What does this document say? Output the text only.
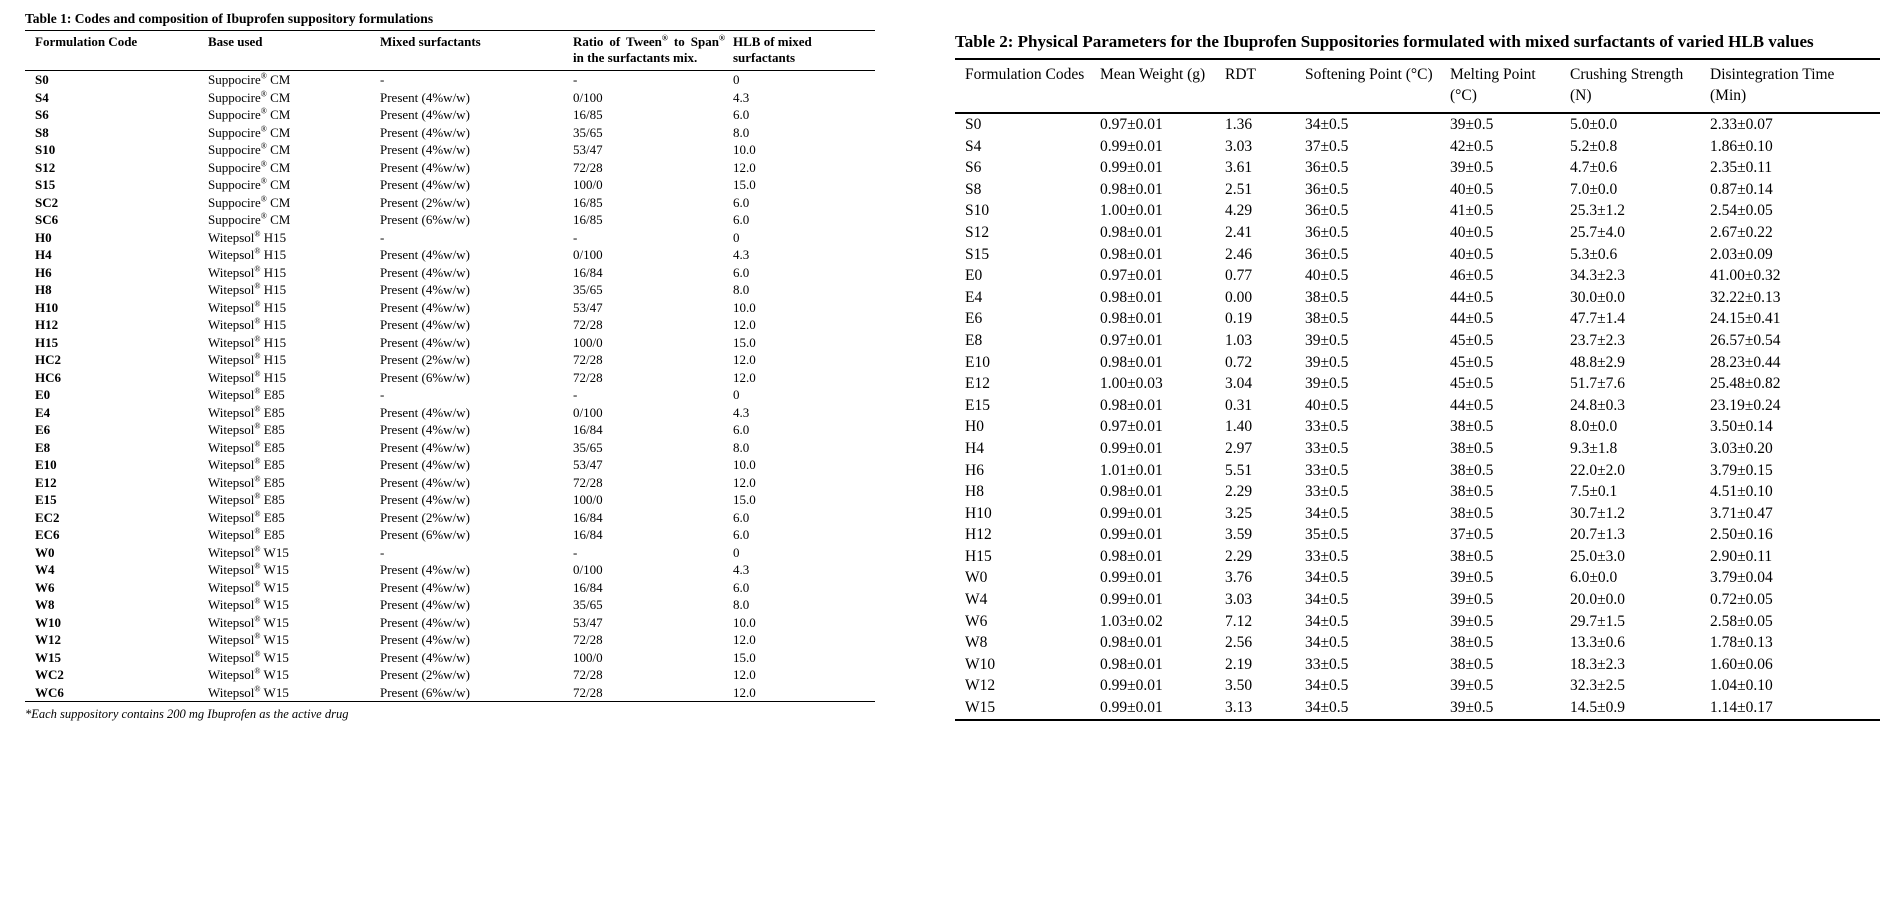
Table 1: Codes and composition of Ibuprofen suppository formulations
Formulation Code	Base used	Mixed surfactants	Ratio of Tween® to Span® in the surfactants mix.	HLB of mixed surfactants
S0	Suppocire® CM	-	-	0
S4	Suppocire® CM	Present (4%w/w)	0/100	4.3
S6	Suppocire® CM	Present (4%w/w)	16/85	6.0
S8	Suppocire® CM	Present (4%w/w)	35/65	8.0
S10	Suppocire® CM	Present (4%w/w)	53/47	10.0
S12	Suppocire® CM	Present (4%w/w)	72/28	12.0
S15	Suppocire® CM	Present (4%w/w)	100/0	15.0
SC2	Suppocire® CM	Present (2%w/w)	16/85	6.0
SC6	Suppocire® CM	Present (6%w/w)	16/85	6.0
H0	Witepsol® H15	-	-	0
H4	Witepsol® H15	Present (4%w/w)	0/100	4.3
H6	Witepsol® H15	Present (4%w/w)	16/84	6.0
H8	Witepsol® H15	Present (4%w/w)	35/65	8.0
H10	Witepsol® H15	Present (4%w/w)	53/47	10.0
H12	Witepsol® H15	Present (4%w/w)	72/28	12.0
H15	Witepsol® H15	Present (4%w/w)	100/0	15.0
HC2	Witepsol® H15	Present (2%w/w)	72/28	12.0
HC6	Witepsol® H15	Present (6%w/w)	72/28	12.0
E0	Witepsol® E85	-	-	0
E4	Witepsol® E85	Present (4%w/w)	0/100	4.3
E6	Witepsol® E85	Present (4%w/w)	16/84	6.0
E8	Witepsol® E85	Present (4%w/w)	35/65	8.0
E10	Witepsol® E85	Present (4%w/w)	53/47	10.0
E12	Witepsol® E85	Present (4%w/w)	72/28	12.0
E15	Witepsol® E85	Present (4%w/w)	100/0	15.0
EC2	Witepsol® E85	Present (2%w/w)	16/84	6.0
EC6	Witepsol® E85	Present (6%w/w)	16/84	6.0
W0	Witepsol® W15	-	-	0
W4	Witepsol® W15	Present (4%w/w)	0/100	4.3
W6	Witepsol® W15	Present (4%w/w)	16/84	6.0
W8	Witepsol® W15	Present (4%w/w)	35/65	8.0
W10	Witepsol® W15	Present (4%w/w)	53/47	10.0
W12	Witepsol® W15	Present (4%w/w)	72/28	12.0
W15	Witepsol® W15	Present (4%w/w)	100/0	15.0
WC2	Witepsol® W15	Present (2%w/w)	72/28	12.0
WC6	Witepsol® W15	Present (6%w/w)	72/28	12.0
*Each suppository contains 200 mg Ibuprofen as the active drug
Table 2: Physical Parameters for the Ibuprofen Suppositories formulated with mixed surfactants of varied HLB values
Formulation Codes	Mean Weight (g)	RDT	Softening Point (°C)	Melting Point (°C)	Crushing Strength (N)	Disintegration Time (Min)
S0	0.97±0.01	1.36	34±0.5	39±0.5	5.0±0.0	2.33±0.07
S4	0.99±0.01	3.03	37±0.5	42±0.5	5.2±0.8	1.86±0.10
S6	0.99±0.01	3.61	36±0.5	39±0.5	4.7±0.6	2.35±0.11
S8	0.98±0.01	2.51	36±0.5	40±0.5	7.0±0.0	0.87±0.14
S10	1.00±0.01	4.29	36±0.5	41±0.5	25.3±1.2	2.54±0.05
S12	0.98±0.01	2.41	36±0.5	40±0.5	25.7±4.0	2.67±0.22
S15	0.98±0.01	2.46	36±0.5	40±0.5	5.3±0.6	2.03±0.09
E0	0.97±0.01	0.77	40±0.5	46±0.5	34.3±2.3	41.00±0.32
E4	0.98±0.01	0.00	38±0.5	44±0.5	30.0±0.0	32.22±0.13
E6	0.98±0.01	0.19	38±0.5	44±0.5	47.7±1.4	24.15±0.41
E8	0.97±0.01	1.03	39±0.5	45±0.5	23.7±2.3	26.57±0.54
E10	0.98±0.01	0.72	39±0.5	45±0.5	48.8±2.9	28.23±0.44
E12	1.00±0.03	3.04	39±0.5	45±0.5	51.7±7.6	25.48±0.82
E15	0.98±0.01	0.31	40±0.5	44±0.5	24.8±0.3	23.19±0.24
H0	0.97±0.01	1.40	33±0.5	38±0.5	8.0±0.0	3.50±0.14
H4	0.99±0.01	2.97	33±0.5	38±0.5	9.3±1.8	3.03±0.20
H6	1.01±0.01	5.51	33±0.5	38±0.5	22.0±2.0	3.79±0.15
H8	0.98±0.01	2.29	33±0.5	38±0.5	7.5±0.1	4.51±0.10
H10	0.99±0.01	3.25	34±0.5	38±0.5	30.7±1.2	3.71±0.47
H12	0.99±0.01	3.59	35±0.5	37±0.5	20.7±1.3	2.50±0.16
H15	0.98±0.01	2.29	33±0.5	38±0.5	25.0±3.0	2.90±0.11
W0	0.99±0.01	3.76	34±0.5	39±0.5	6.0±0.0	3.79±0.04
W4	0.99±0.01	3.03	34±0.5	39±0.5	20.0±0.0	0.72±0.05
W6	1.03±0.02	7.12	34±0.5	39±0.5	29.7±1.5	2.58±0.05
W8	0.98±0.01	2.56	34±0.5	38±0.5	13.3±0.6	1.78±0.13
W10	0.98±0.01	2.19	33±0.5	38±0.5	18.3±2.3	1.60±0.06
W12	0.99±0.01	3.50	34±0.5	39±0.5	32.3±2.5	1.04±0.10
W15	0.99±0.01	3.13	34±0.5	39±0.5	14.5±0.9	1.14±0.17
